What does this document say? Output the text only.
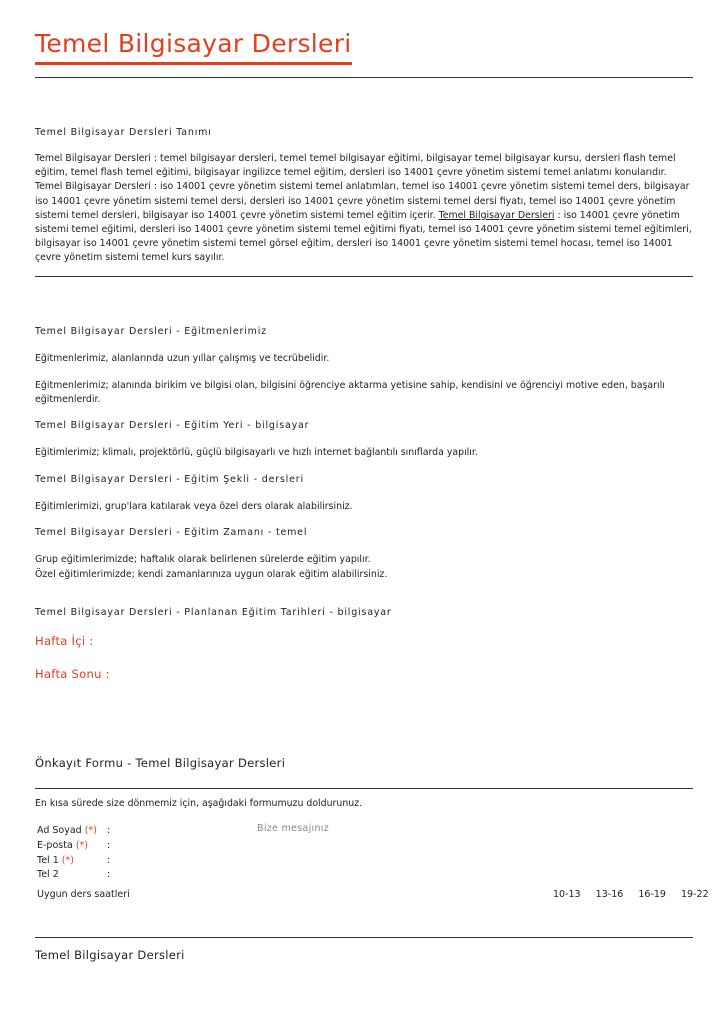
Temel Bilgisayar Dersleri
Temel Bilgisayar Dersleri Tanımı
Temel Bilgisayar Dersleri : temel bilgisayar dersleri, temel temel bilgisayar eğitimi, bilgisayar temel bilgisayar kursu, dersleri flash temel eğitim, temel flash temel eğitimi, bilgisayar ingilizce temel eğitim, dersleri iso 14001 çevre yönetim sistemi temel anlatımı konularıdır. Temel Bilgisayar Dersleri : iso 14001 çevre yönetim sistemi temel anlatımları, temel iso 14001 çevre yönetim sistemi temel ders, bilgisayar iso 14001 çevre yönetim sistemi temel dersi, dersleri iso 14001 çevre yönetim sistemi temel dersi fiyatı, temel iso 14001 çevre yönetim sistemi temel dersleri, bilgisayar iso 14001 çevre yönetim sistemi temel eğitim içerir. Temel Bilgisayar Dersleri : iso 14001 çevre yönetim sistemi temel eğitimi, dersleri iso 14001 çevre yönetim sistemi temel eğitimi fiyatı, temel iso 14001 çevre yönetim sistemi temel eğitimleri, bilgisayar iso 14001 çevre yönetim sistemi temel görsel eğitim, dersleri iso 14001 çevre yönetim sistemi temel hocası, temel iso 14001 çevre yönetim sistemi temel kurs sayılır.
Temel Bilgisayar Dersleri - Eğitmenlerimiz
Eğitmenlerimiz, alanlarında uzun yıllar çalışmış ve tecrübelidir.
Eğitmenlerimiz; alanında birikim ve bilgisi olan, bilgisini öğrenciye aktarma yetisine sahip, kendisini ve öğrenciyi motive eden, başarılı eğitmenlerdir.
Temel Bilgisayar Dersleri - Eğitim Yeri - bilgisayar
Eğitimlerimiz; klimalı, projektörlü, güçlü bilgisayarlı ve hızlı internet bağlantılı sınıflarda yapılır.
Temel Bilgisayar Dersleri - Eğitim Şekli - dersleri
Eğitimlerimizi, grup'lara katılarak veya özel ders olarak alabilirsiniz.
Temel Bilgisayar Dersleri - Eğitim Zamanı - temel
Grup eğitimlerimizde; haftalık olarak belirlenen sürelerde eğitim yapılır.
Özel eğitimlerimizde; kendi zamanlarınıza uygun olarak eğitim alabilirsiniz.
Temel Bilgisayar Dersleri - Planlanan Eğitim Tarihleri - bilgisayar
Hafta İçi :
Hafta Sonu :
Önkayıt Formu - Temel Bilgisayar Dersleri
En kısa sürede size dönmemiz için, aşağıdaki formumuzu doldurunuz.
Ad Soyad (*) :	Bize mesajınız
E-posta (*) :
Tel 1 (*)	:
Tel 2	:
Uygun ders saatleri	10-13 13-16 16-19 19-22
Temel Bilgisayar Dersleri
